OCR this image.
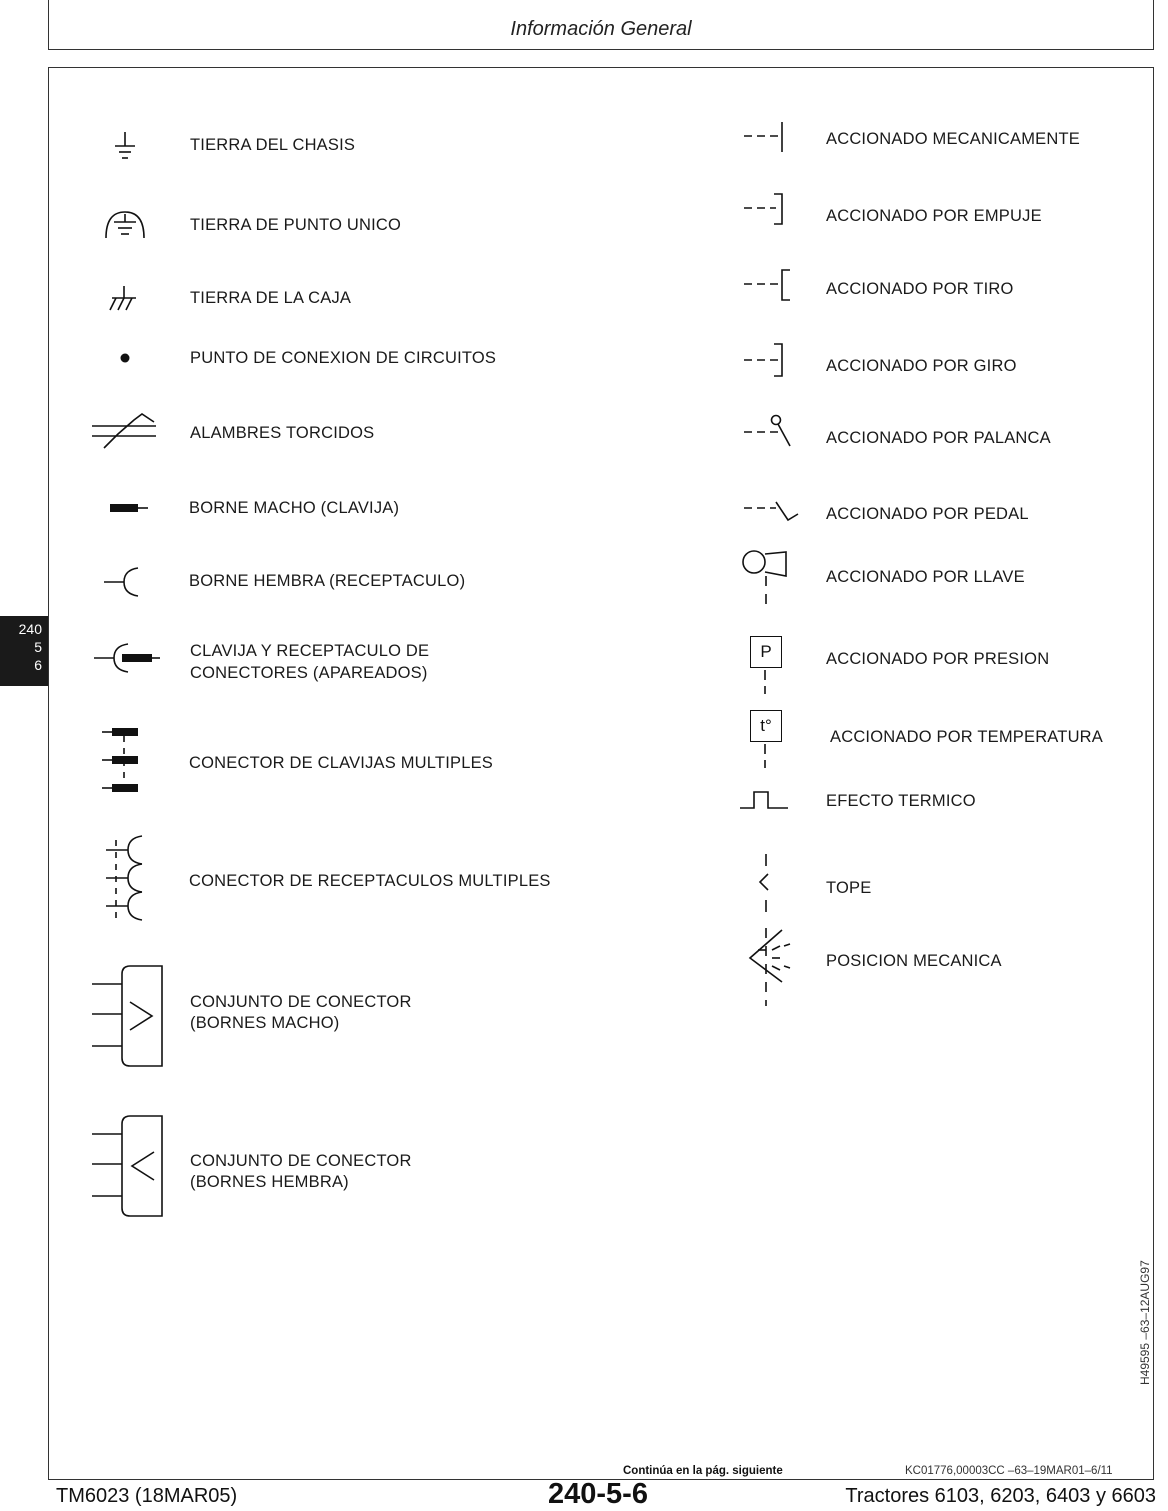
Información General
240
5
6
TIERRA DEL CHASIS
TIERRA DE PUNTO UNICO
TIERRA DE LA CAJA
PUNTO DE CONEXION DE CIRCUITOS
ALAMBRES TORCIDOS
BORNE MACHO (CLAVIJA)
BORNE HEMBRA (RECEPTACULO)
CLAVIJA Y RECEPTACULO DE
CONECTORES (APAREADOS)
CONECTOR DE CLAVIJAS MULTIPLES
CONECTOR DE RECEPTACULOS MULTIPLES
CONJUNTO DE CONECTOR
(BORNES MACHO)
CONJUNTO DE CONECTOR
(BORNES HEMBRA)
ACCIONADO MECANICAMENTE
ACCIONADO POR EMPUJE
ACCIONADO POR TIRO
ACCIONADO POR GIRO
ACCIONADO POR PALANCA
ACCIONADO POR PEDAL
ACCIONADO POR LLAVE
P	ACCIONADO POR PRESION
t°
ACCIONADO POR TEMPERATURA
EFECTO TERMICO
TOPE
POSICION MECANICA
H49595 –63–12AUG97
Continúa en la pág. siguiente	KC01776,00003CC –63–19MAR01–6/11
TM6023 (18MAR05)	240-5-6	Tractores 6103, 6203, 6403 y 6603
